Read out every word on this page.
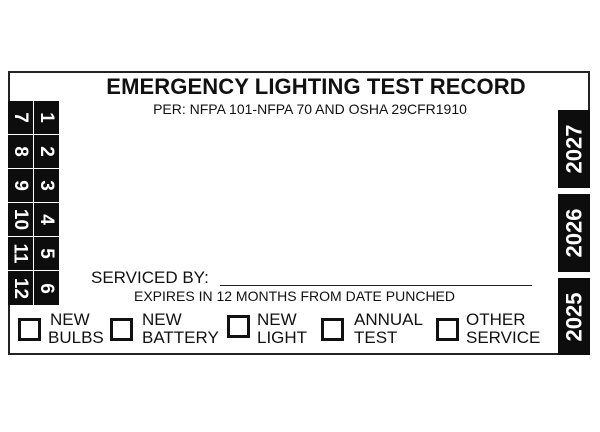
EMERGENCY LIGHTING TEST RECORD
PER: NFPA 101-NFPA 70 AND OSHA 29CFR1910
7
8
9
10
11
12
1
2
3
4
5
6
2027
2026
2025
SERVICED BY:
EXPIRES IN 12 MONTHS FROM DATE PUNCHED
NEW
BULBS
NEW
BATTERY
NEW
LIGHT
ANNUAL
TEST
OTHER
SERVICE
